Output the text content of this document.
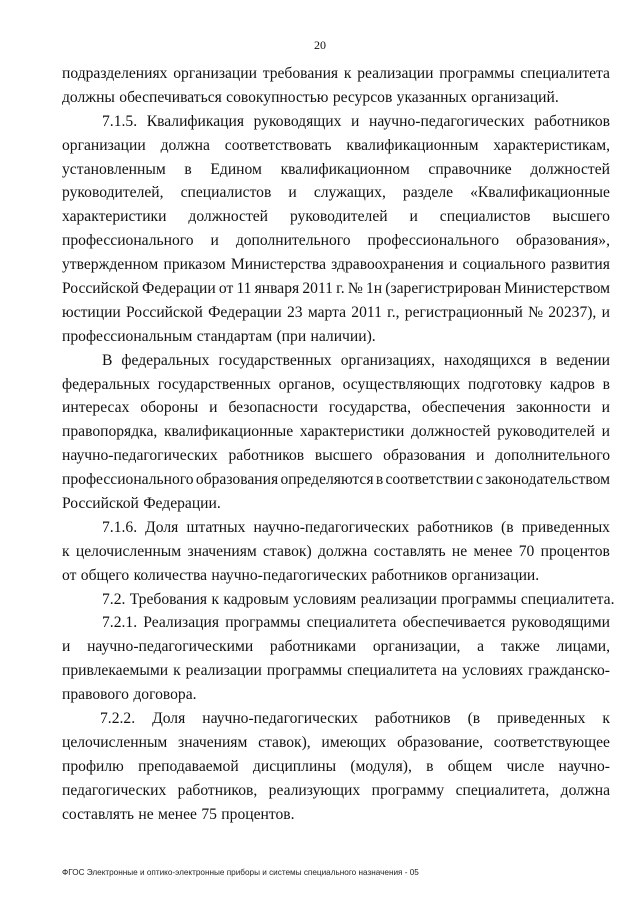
20
подразделениях организации требования к реализации программы специалитета
должны обеспечиваться совокупностью ресурсов указанных организаций.
7.1.5. Квалификация руководящих и научно-педагогических работников
организации должна соответствовать квалификационным характеристикам,
установленным в Едином квалификационном справочнике должностей
руководителей, специалистов и служащих, разделе «Квалификационные
характеристики должностей руководителей и специалистов высшего
профессионального и дополнительного профессионального образования»,
утвержденном приказом Министерства здравоохранения и социального развития
Российской Федерации от 11 января 2011 г. № 1н (зарегистрирован Министерством
юстиции Российской Федерации 23 марта 2011 г., регистрационный № 20237), и
профессиональным стандартам (при наличии).
В федеральных государственных организациях, находящихся в ведении
федеральных государственных органов, осуществляющих подготовку кадров в
интересах обороны и безопасности государства, обеспечения законности и
правопорядка, квалификационные характеристики должностей руководителей и
научно-педагогических работников высшего образования и дополнительного
профессионального образования определяются в соответствии с законодательством
Российской Федерации.
7.1.6. Доля штатных научно-педагогических работников (в приведенных
к целочисленным значениям ставок) должна составлять не менее 70 процентов
от общего количества научно-педагогических работников организации.
7.2. Требования к кадровым условиям реализации программы специалитета.
7.2.1. Реализация программы специалитета обеспечивается руководящими
и научно-педагогическими работниками организации, а также лицами,
привлекаемыми к реализации программы специалитета на условиях гражданско-
правового договора.
7.2.2. Доля научно-педагогических работников (в приведенных к
целочисленным значениям ставок), имеющих образование, соответствующее
профилю преподаваемой дисциплины (модуля), в общем числе научно-
педагогических работников, реализующих программу специалитета, должна
составлять не менее 75 процентов.
ФГОС Электронные и оптико-электронные приборы и системы специального назначения - 05
